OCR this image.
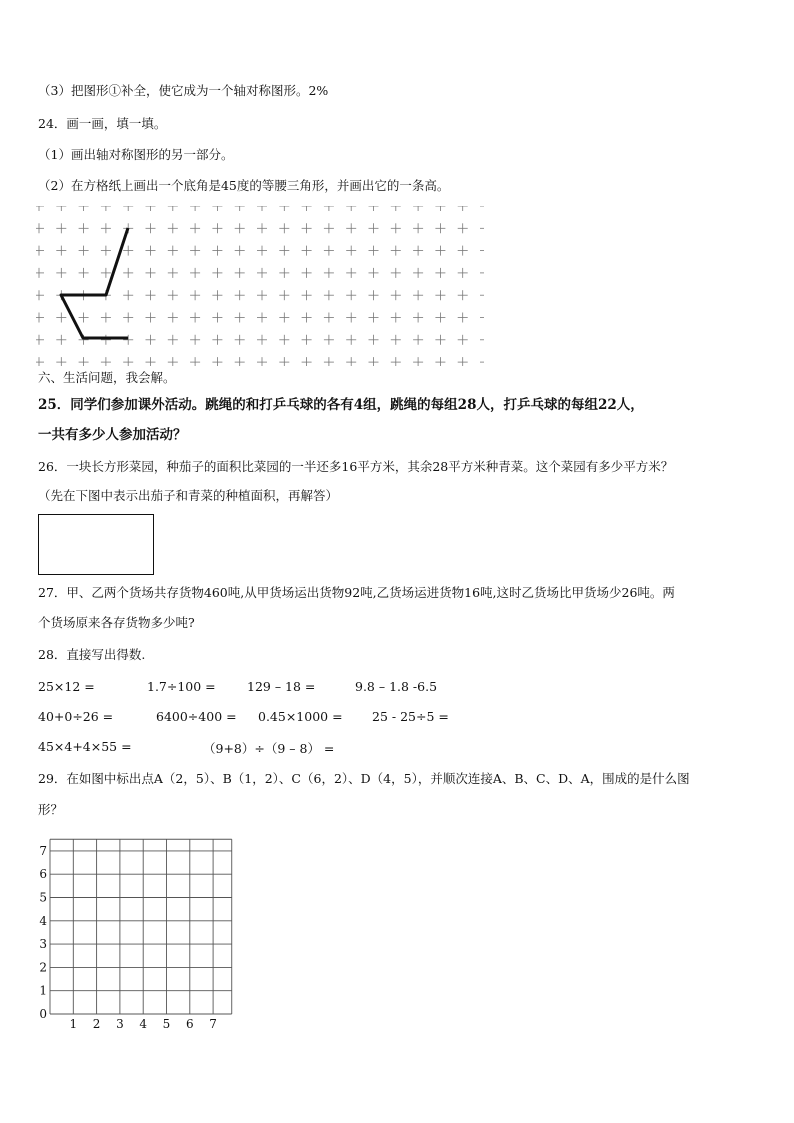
（3）把图形①补全，使它成为一个轴对称图形。2%
24．画一画，填一填。
（1）画出轴对称图形的另一部分。
（2）在方格纸上画出一个底角是45度的等腰三角形，并画出它的一条高。
六、生活问题，我会解。
25．同学们参加课外活动。跳绳的和打乒乓球的各有4组，跳绳的每组28人，打乒乓球的每组22人，
一共有多少人参加活动？
26．一块长方形菜园，种茄子的面积比菜园的一半还多16平方米，其余28平方米种青菜。这个菜园有多少平方米？
（先在下图中表示出茄子和青菜的种植面积，再解答）
27．甲、乙两个货场共存货物460吨,从甲货场运出货物92吨,乙货场运进货物16吨,这时乙货场比甲货场少26吨。两
个货场原来各存货物多少吨?
28．直接写出得数.
25×12 =	1.7÷100 =	129 – 18 =	9.8 – 1.8 -6.5
40+0÷26 =	6400÷400 = 0.45×1000 = 25 - 25÷5 =
45×4+4×55 =	（9+8）÷（9 – 8） =
29．在如图中标出点A（2，5）、B（1，2）、C（6，2）、D（4，5），并顺次连接A、B、C、D、A，围成的是什么图
形？
1 2 3 4 5 6 7
7
6
5
4
3
2
1
0
